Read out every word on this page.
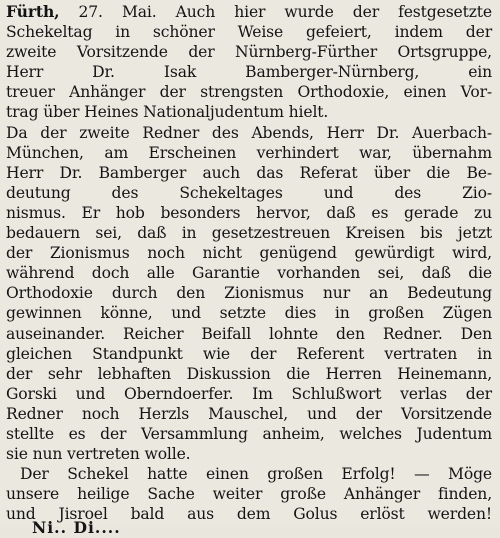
Fürth, 27. Mai. Auch hier wurde der festgesetzte
Schekeltag in schöner Weise gefeiert, indem der
zweite Vorsitzende der Nürnberg-Fürther Ortsgruppe,
Herr Dr. Isak Bamberger-Nürnberg, ein
treuer Anhänger der strengsten Orthodoxie, einen Vor-
trag über Heines Nationaljudentum hielt.
Da der zweite Redner des Abends, Herr Dr. Auerbach-
München, am Erscheinen verhindert war, übernahm
Herr Dr. Bamberger auch das Referat über die Be-
deutung des Schekeltages und des Zio-
nismus. Er hob besonders hervor, daß es gerade zu
bedauern sei, daß in gesetzestreuen Kreisen bis jetzt
der Zionismus noch nicht genügend gewürdigt wird,
während doch alle Garantie vorhanden sei, daß die
Orthodoxie durch den Zionismus nur an Bedeutung
gewinnen könne, und setzte dies in großen Zügen
auseinander. Reicher Beifall lohnte den Redner. Den
gleichen Standpunkt wie der Referent vertraten in
der sehr lebhaften Diskussion die Herren Heinemann,
Gorski und Oberndoerfer. Im Schlußwort verlas der
Redner noch Herzls Mauschel, und der Vorsitzende
stellte es der Versammlung anheim, welches Judentum
sie nun vertreten wolle.
Der Schekel hatte einen großen Erfolg! — Möge
unsere heilige Sache weiter große Anhänger finden,
und Jisroel bald aus dem Golus erlöst werden!
Ni.. Di....
